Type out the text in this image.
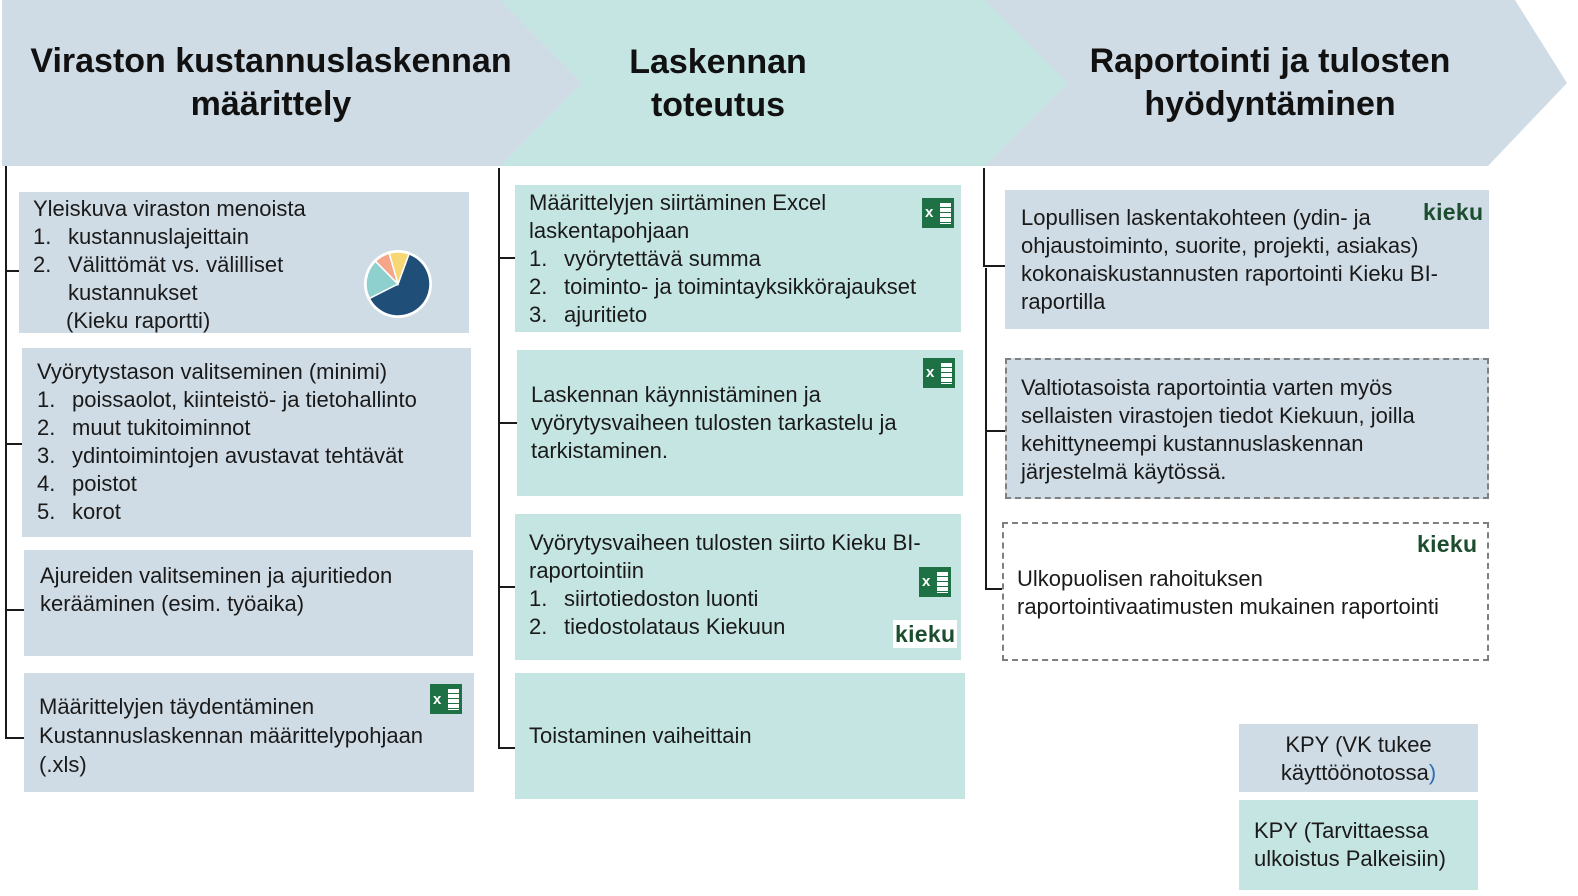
Viraston kustannuslaskennan
määrittely
Laskennan
toteutus
Raportointi ja tulosten
hyödyntäminen
Yleiskuva viraston menoista
1. kustannuslajeittain
2. Välittömät vs. välilliset kustannukset
(Kieku raportti)
Vyörytystason valitseminen (minimi)
1. poissaolot, kiinteistö- ja tietohallinto
2. muut tukitoiminnot
3. ydintoimintojen avustavat tehtävät
4. poistot
5. korot
Ajureiden valitseminen ja ajuritiedon kerääminen (esim. työaika)
Määrittelyjen täydentäminen
Kustannuslaskennan määrittelypohjaan
(.xls)
x
Määrittelyjen siirtäminen Excel laskentapohjaan
1. vyörytettävä summa
2. toiminto- ja toimintayksikkörajaukset
3. ajuritieto
x
Laskennan käynnistäminen ja vyörytysvaiheen tulosten tarkastelu ja tarkistaminen.
x
Vyörytysvaiheen tulosten siirto Kieku BI-raportointiin
1. siirtotiedoston luonti
2. tiedostolataus Kiekuun
x
kieku
Toistaminen vaiheittain
Lopullisen laskentakohteen (ydin- ja ohjaustoiminto, suorite, projekti, asiakas) kokonaiskustannusten raportointi Kieku BI-raportilla
kieku
Valtiotasoista raportointia varten myös sellaisten virastojen tiedot Kiekuun, joilla kehittyneempi kustannuslaskennan järjestelmä käytössä.
Ulkopuolisen rahoituksen raportointivaatimusten mukainen raportointi
kieku
KPY (VK tukee käyttöönotossa)
KPY (Tarvittaessa ulkoistus Palkeisiin)
